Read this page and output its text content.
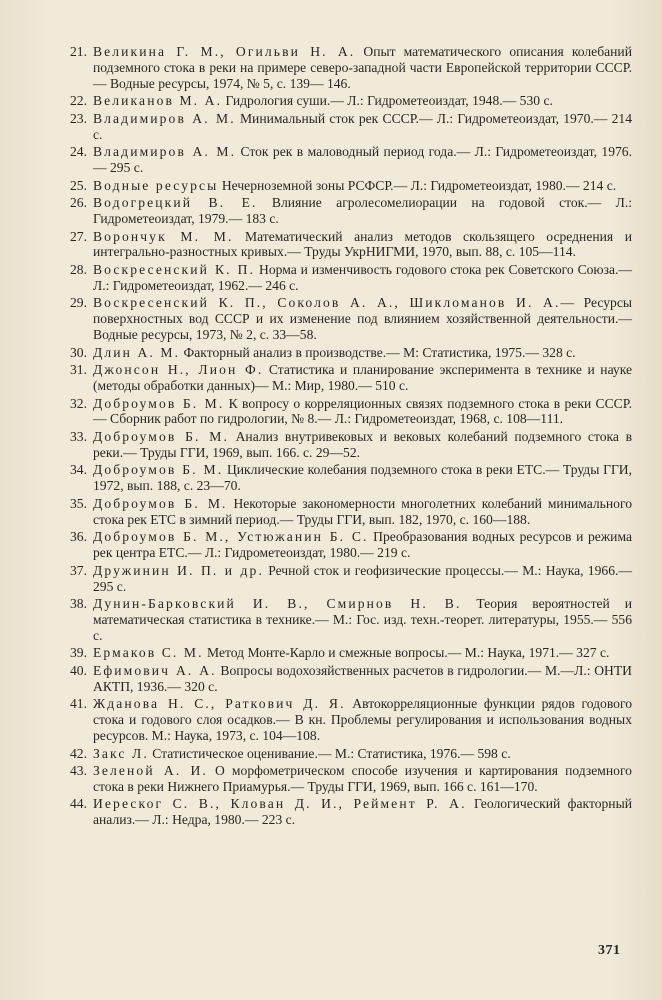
21. Великина Г. М., Огильви Н. А. Опыт математического описания колебаний подземного стока в реки на примере северо-западной части Европейской территории СССР.— Водные ресурсы, 1974, № 5, с. 139— 146.
22. Великанов М. А. Гидрология суши.— Л.: Гидрометеоиздат, 1948.— 530 с.
23. Владимиров А. М. Минимальный сток рек СССР.— Л.: Гидрометеоиздат, 1970.— 214 с.
24. Владимиров А. М. Сток рек в маловодный период года.— Л.: Гидрометеоиздат, 1976.— 295 с.
25. Водные ресурсы Нечерноземной зоны РСФСР.— Л.: Гидрометеоиздат, 1980.— 214 с.
26. Водогрецкий В. Е. Влияние агролесомелиорации на годовой сток.— Л.: Гидрометеоиздат, 1979.— 183 с.
27. Ворончук М. М. Математический анализ методов скользящего осреднения и интегрально-разностных кривых.— Труды УкрНИГМИ, 1970, вып. 88, с. 105—114.
28. Воскресенский К. П. Норма и изменчивость годового стока рек Советского Союза.— Л.: Гидрометеоиздат, 1962.— 246 с.
29. Воскресенский К. П., Соколов А. А., Шикломанов И. А.— Ресурсы поверхностных вод СССР и их изменение под влиянием хозяйственной деятельности.— Водные ресурсы, 1973, № 2, с. 33—58.
30. Длин А. М. Факторный анализ в производстве.— М: Статистика, 1975.— 328 с.
31. Джонсон Н., Лион Ф. Статистика и планирование эксперимента в технике и науке (методы обработки данных)— М.: Мир, 1980.— 510 с.
32. Доброумов Б. М. К вопросу о корреляционных связях подземного стока в реки СССР.— Сборник работ по гидрологии, № 8.— Л.: Гидрометеоиздат, 1968, с. 108—111.
33. Доброумов Б. М. Анализ внутривековых и вековых колебаний подземного стока в реки.— Труды ГГИ, 1969, вып. 166. с. 29—52.
34. Доброумов Б. М. Циклические колебания подземного стока в реки ЕТС.— Труды ГГИ, 1972, вып. 188, с. 23—70.
35. Доброумов Б. М. Некоторые закономерности многолетних колебаний минимального стока рек ЕТС в зимний период.— Труды ГГИ, вып. 182, 1970, с. 160—188.
36. Доброумов Б. М., Устюжанин Б. С. Преобразования водных ресурсов и режима рек центра ЕТС.— Л.: Гидрометеоиздат, 1980.— 219 с.
37. Дружинин И. П. и др. Речной сток и геофизические процессы.— М.: Наука, 1966.— 295 с.
38. Дунин-Барковский И. В., Смирнов Н. В. Теория вероятностей и математическая статистика в технике.— М.: Гос. изд. техн.-теорет. литературы, 1955.— 556 с.
39. Ермаков С. М. Метод Монте-Карло и смежные вопросы.— М.: Наука, 1971.— 327 с.
40. Ефимович А. А. Вопросы водохозяйственных расчетов в гидрологии.— М.—Л.: ОНТИ АКТП, 1936.— 320 с.
41. Жданова Н. С., Раткович Д. Я. Автокорреляционные функции рядов годового стока и годового слоя осадков.— В кн. Проблемы регулирования и использования водных ресурсов. М.: Наука, 1973, с. 104—108.
42. Закс Л. Статистическое оценивание.— М.: Статистика, 1976.— 598 с.
43. Зеленой А. И. О морфометрическом способе изучения и картирования подземного стока в реки Нижнего Приамурья.— Труды ГГИ, 1969, вып. 166 с. 161—170.
44. Иереског С. В., Клован Д. И., Реймент Р. А. Геологический факторный анализ.— Л.: Недра, 1980.— 223 с.
371
